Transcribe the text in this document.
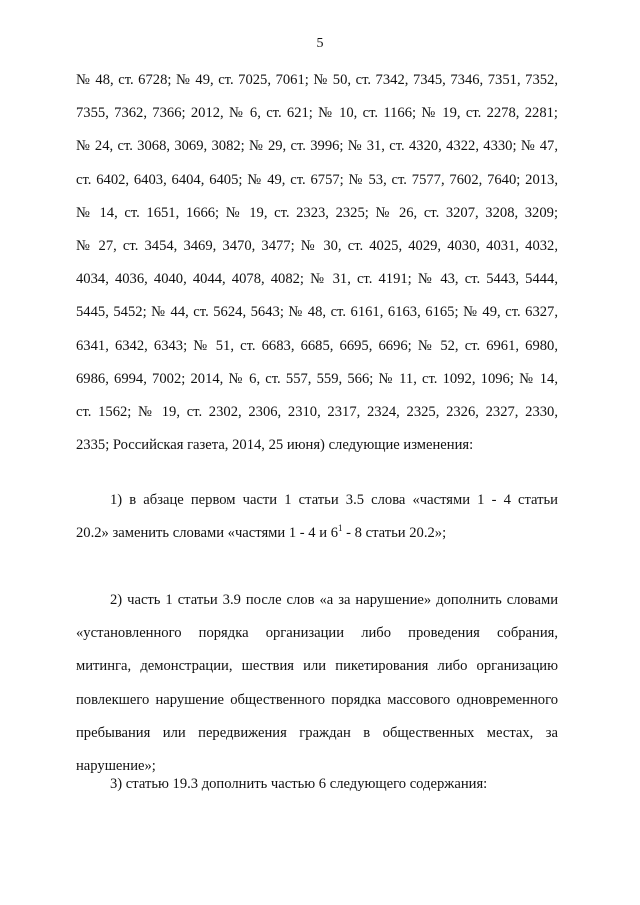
5
№ 48, ст. 6728; № 49, ст. 7025, 7061; № 50, ст. 7342, 7345, 7346, 7351, 7352,
7355, 7362, 7366; 2012, № 6, ст. 621; № 10, ст. 1166; № 19, ст. 2278, 2281;
№ 24, ст. 3068, 3069, 3082; № 29, ст. 3996; № 31, ст. 4320, 4322, 4330; № 47,
ст. 6402, 6403, 6404, 6405; № 49, ст. 6757; № 53, ст. 7577, 7602, 7640; 2013,
№ 14, ст. 1651, 1666; № 19, ст. 2323, 2325; № 26, ст. 3207, 3208, 3209;
№ 27, ст. 3454, 3469, 3470, 3477; № 30, ст. 4025, 4029, 4030, 4031, 4032,
4034, 4036, 4040, 4044, 4078, 4082; № 31, ст. 4191; № 43, ст. 5443, 5444,
5445, 5452; № 44, ст. 5624, 5643; № 48, ст. 6161, 6163, 6165; № 49, ст. 6327,
6341, 6342, 6343; № 51, ст. 6683, 6685, 6695, 6696; № 52, ст. 6961, 6980,
6986, 6994, 7002; 2014, № 6, ст. 557, 559, 566; № 11, ст. 1092, 1096; № 14,
ст. 1562; № 19, ст. 2302, 2306, 2310, 2317, 2324, 2325, 2326, 2327, 2330,
2335; Российская газета, 2014, 25 июня) следующие изменения:
1) в абзаце первом части 1 статьи 3.5 слова «частями 1 - 4 статьи
20.2» заменить словами «частями 1 - 4 и $6^1 - 8$ статьи 20.2»;
2) часть 1 статьи 3.9 после слов «а за нарушение» дополнить словами
«установленного порядка организации либо проведения собрания,
митинга, демонстрации, шествия или пикетирования либо организацию
повлекшего нарушение общественного порядка массового одновременного
пребывания или передвижения граждан в общественных местах, за
нарушение»;
3) статью 19.3 дополнить частью 6 следующего содержания:
